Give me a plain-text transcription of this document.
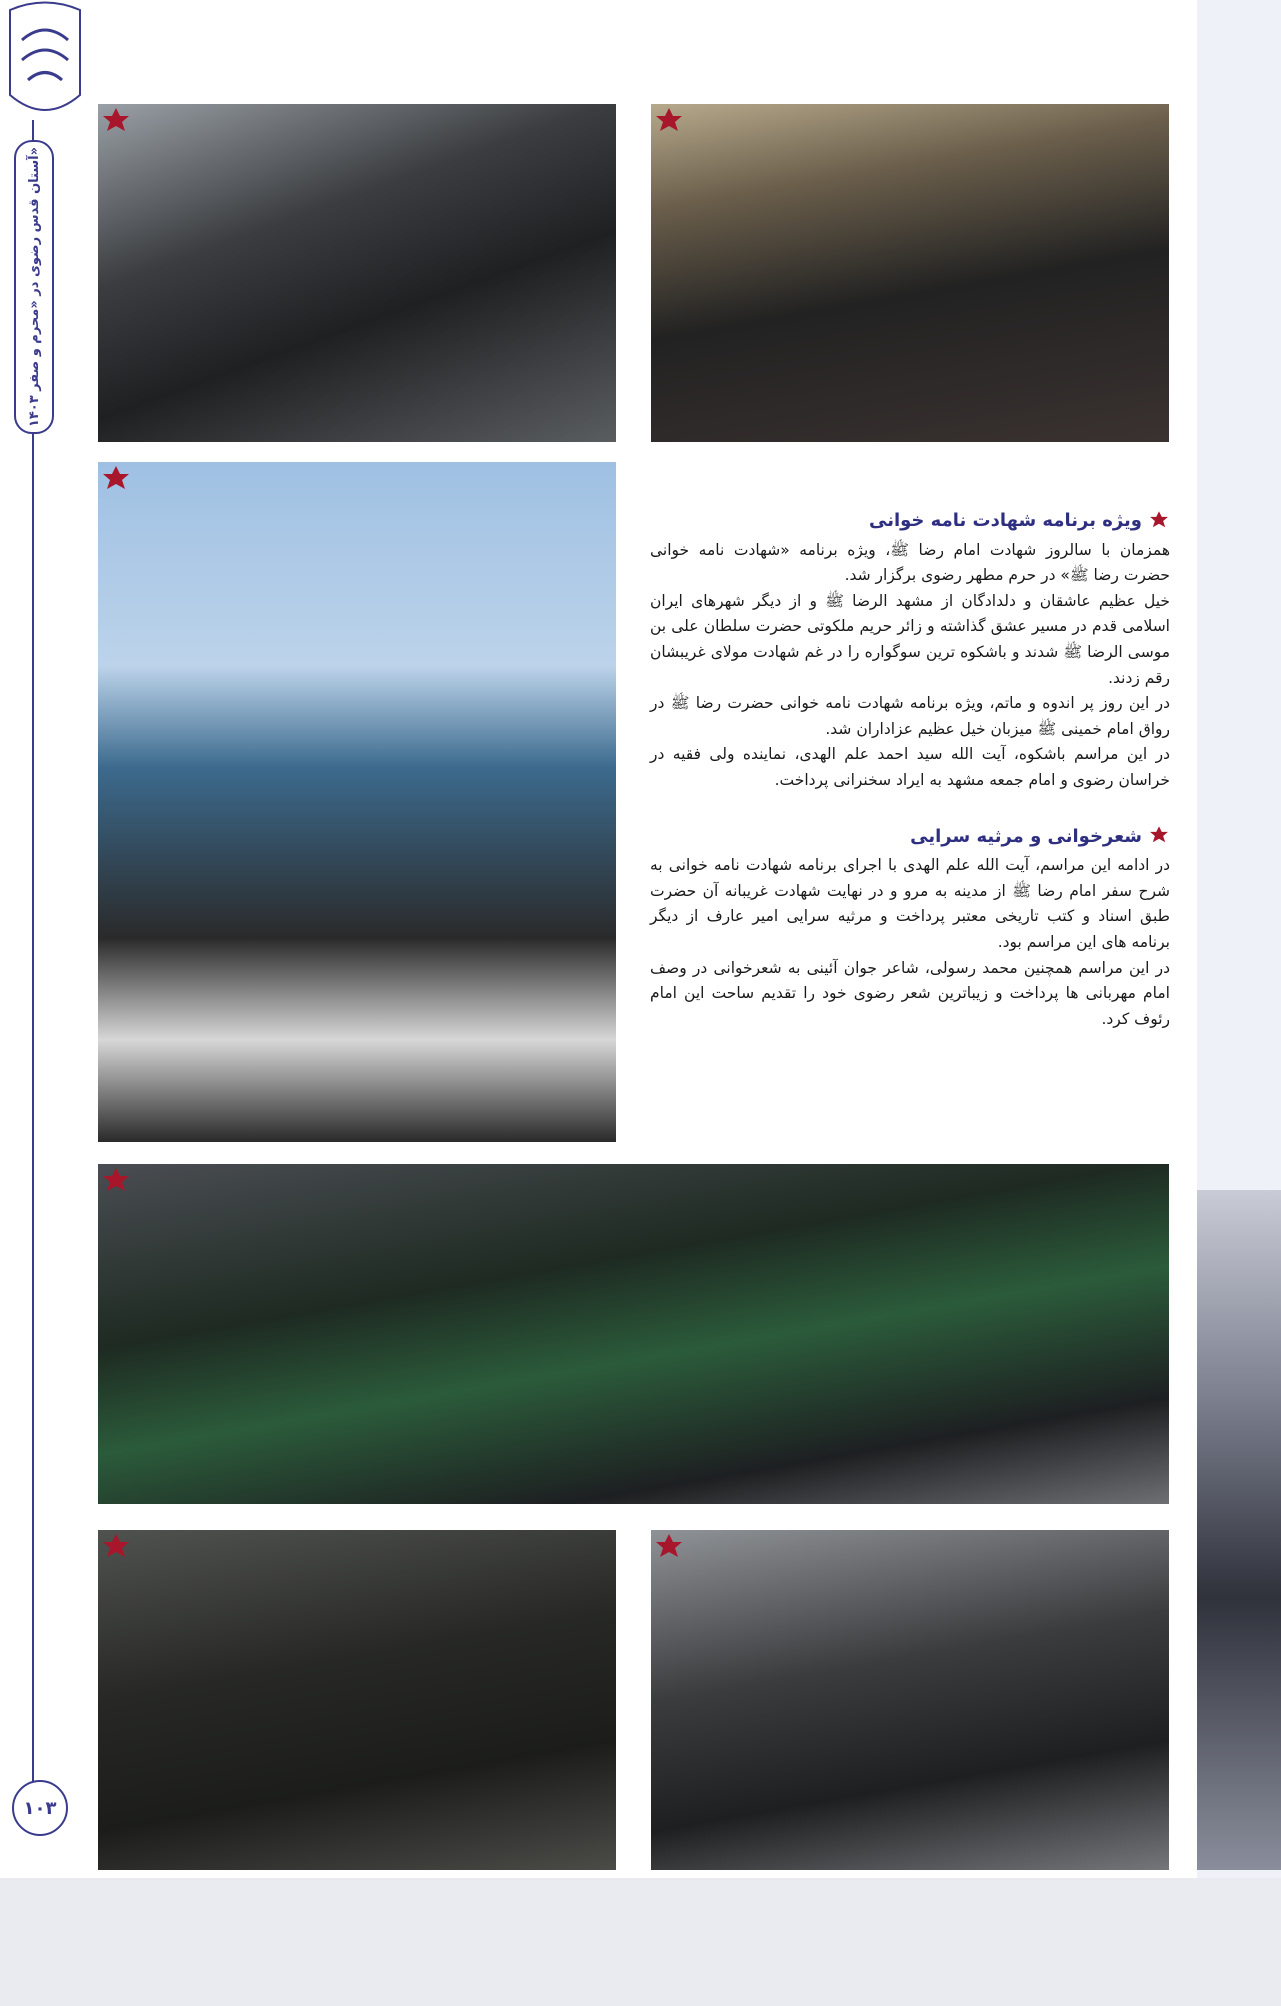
آستان قدس رضوی در «محرم و صفر ۱۴۰۳»
۱۰۳
ویژه برنامه شهادت نامه خوانی

همزمان با سالروز شهادت امام رضا ﷺ، ویژه برنامه «شهادت نامه خوانی حضرت رضا ﷺ» در حرم مطهر رضوی برگزار شد.

خیل عظیم عاشقان و دلدادگان از مشهد الرضا ﷺ و از دیگر شهرهای ایران اسلامی قدم در مسیر عشق گذاشته و زائر حریم ملکوتی حضرت سلطان علی بن موسی الرضا ﷺ شدند و باشکوه ترین سوگواره را در غم شهادت مولای غریبشان رقم زدند.

در این روز پر اندوه و ماتم، ویژه برنامه شهادت نامه خوانی حضرت رضا ﷺ در رواق امام خمینی ﷺ میزبان خیل عظیم عزاداران شد.

در این مراسم باشکوه، آیت الله سید احمد علم الهدی، نماینده ولی فقیه در خراسان رضوی و امام جمعه مشهد به ایراد سخنرانی پرداخت.

شعرخوانی و مرثیه سرایی

در ادامه این مراسم، آیت الله علم الهدی با اجرای برنامه شهادت نامه خوانی به شرح سفر امام رضا ﷺ از مدینه به مرو و در نهایت شهادت غریبانه آن حضرت طبق اسناد و کتب تاریخی معتبر پرداخت و مرثیه سرایی امیر عارف از دیگر برنامه های این مراسم بود.

در این مراسم همچنین محمد رسولی، شاعر جوان آئینی به شعرخوانی در وصف امام مهربانی ها پرداخت و زیباترین شعر رضوی خود را تقدیم ساحت این امام رئوف کرد.
